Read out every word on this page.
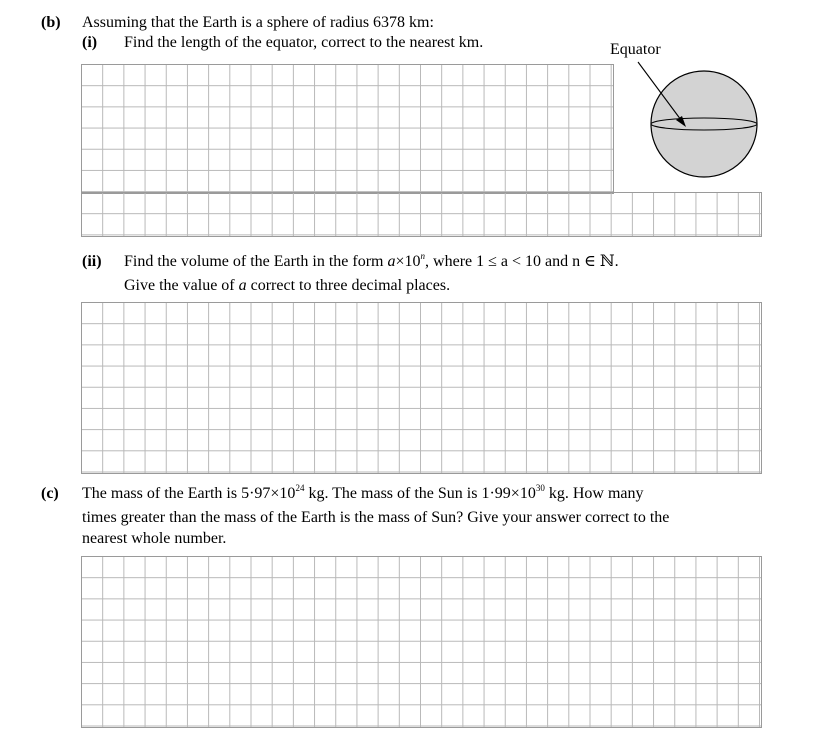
(b) Assuming that the Earth is a sphere of radius 6378 km:
(i) Find the length of the equator, correct to the nearest km.	Equator
(ii) Find the volume of the Earth in the form $a\times 10^n$, where 1 ≤ a < 10 and n ∈ ℕ.
Give the value of a correct to three decimal places.
(c) The mass of the Earth is $5\cdot 97\times 10^{24}$ kg. The mass of the Sun is $1\cdot 99\times 10^{30}$ kg. How many
times greater than the mass of the Earth is the mass of Sun? Give your answer correct to the
nearest whole number.
